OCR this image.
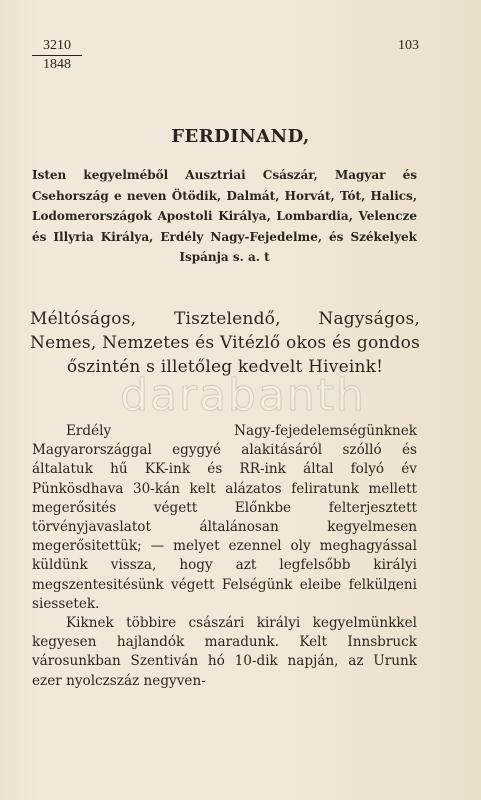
3210
1848
103
FERDINAND,
Isten kegyelméből Ausztriai Császár, Magyar és Csehország e neven Ötödik, Dalmát, Horvát, Tót, Halics, Lodomerországok Apostoli Királya, Lombardia, Velencze és Illyria Királya, Erdély Nagy-Fejedelme, és Székelyek Ispánja s. a. t
Méltóságos, Tisztelendő, Nagyságos, Nemes, Nemzetes és Vitézlő okos és gondos őszintén s illetőleg kedvelt Hiveink!
darabanth

Erdély Nagy-fejedelemségünknek Magyarországgal egygyé alakitásáról szólló és általatuk hű KK-ink és RR-ink által folyó év Pünkösdhava 30-kán kelt alázatos feliratunk mellett megerősités végett Előnkbe felterjesztett törvényjavaslatot általánosan kegyelmesen megerősitettük; — melyet ezennel oly meghagyással küldünk vissza, hogy azt legfelsőbb királyi megszentesitésünk végett Felségünk eleibe felkülдeni siessetek.

Kiknek többire császári királyi kegyelmünkkel kegyesen hajlandók maradunk. Kelt Innsbruck városunkban Szentiván hó 10-dik napján, az Urunk ezer nyolczszáz negyven-
